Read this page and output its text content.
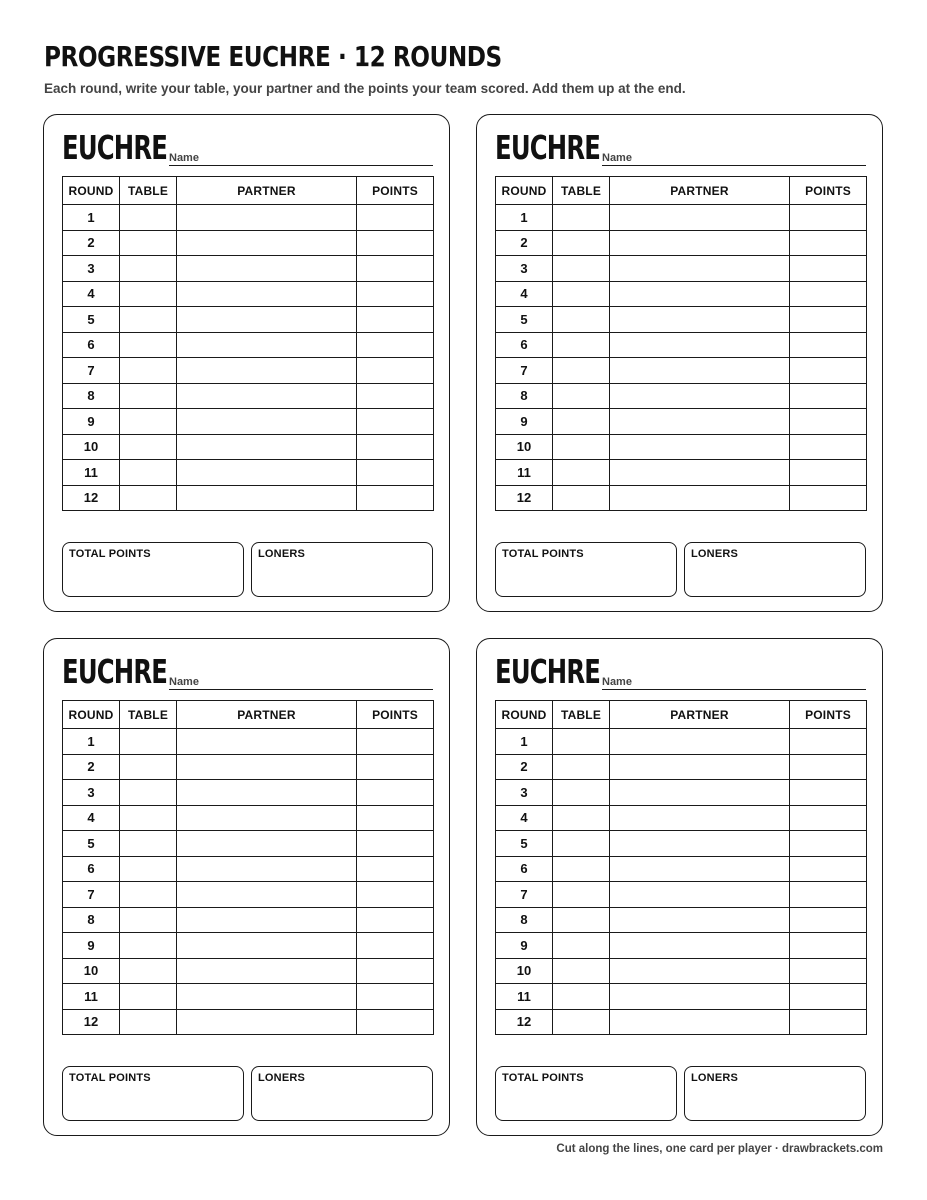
PROGRESSIVE EUCHRE · 12 ROUNDS

Each round, write your table, your partner and the points your team scored. Add them up at the end.

EUCHRE Name
ROUND	TABLE	PARTNER	POINTS
1			
2			
3			
4			
5			
6			
7			
8			
9			
10			
11			
12			
TOTAL POINTS	LONERS
EUCHRE Name
ROUND	TABLE	PARTNER	POINTS
1			
2			
3			
4			
5			
6			
7			
8			
9			
10			
11			
12			
TOTAL POINTS	LONERS
EUCHRE Name
ROUND	TABLE	PARTNER	POINTS
1			
2			
3			
4			
5			
6			
7			
8			
9			
10			
11			
12			
TOTAL POINTS	LONERS
EUCHRE Name
ROUND	TABLE	PARTNER	POINTS
1			
2			
3			
4			
5			
6			
7			
8			
9			
10			
11			
12			
TOTAL POINTS	LONERS
Cut along the lines, one card per player · drawbrackets.com
